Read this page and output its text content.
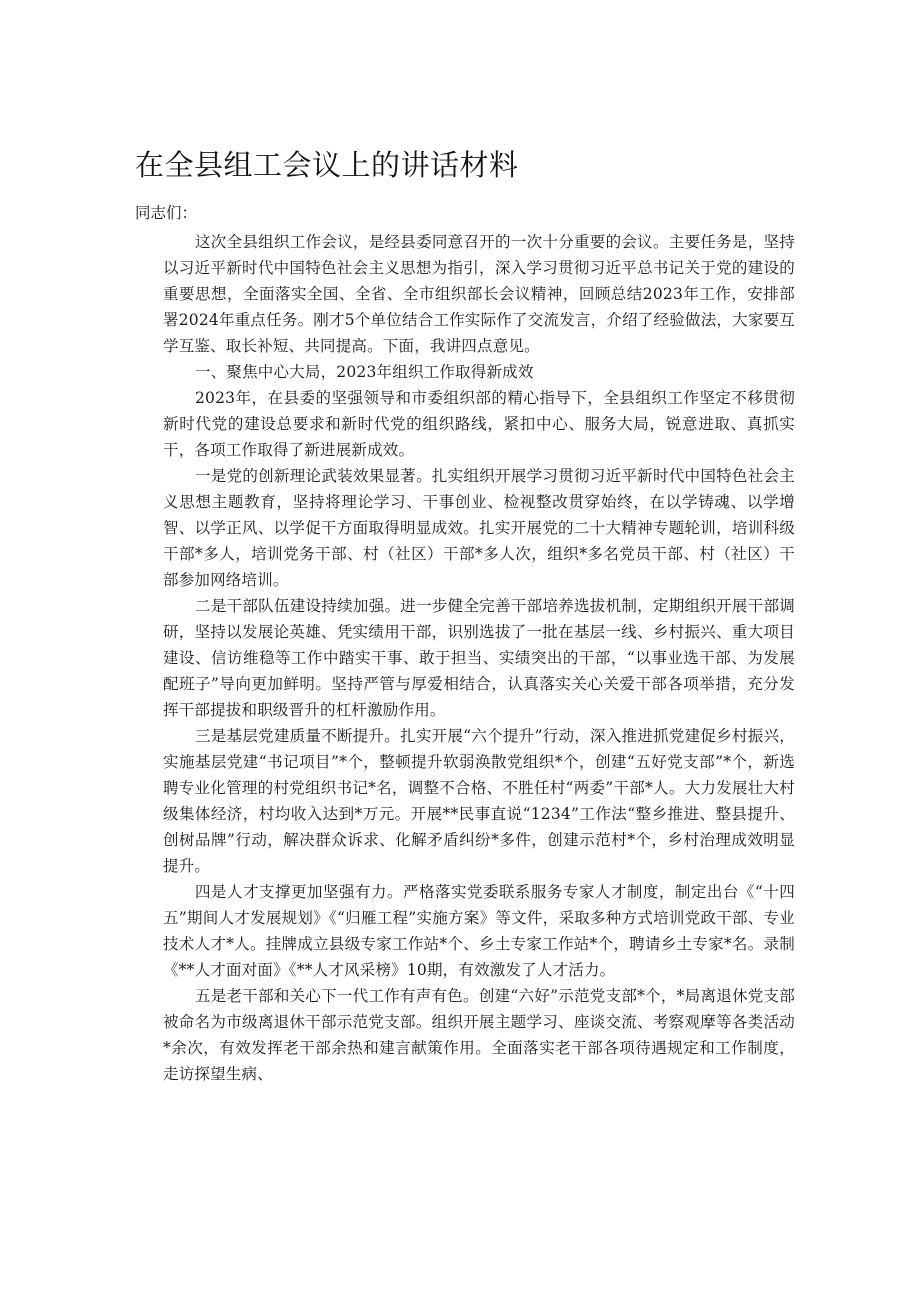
在全县组工会议上的讲话材料

同志们：

这次全县组织工作会议，是经县委同意召开的一次十分重要的会议。主要任务是，坚持以习近平新时代中国特色社会主义思想为指引，深入学习贯彻习近平总书记关于党的建设的重要思想，全面落实全国、全省、全市组织部长会议精神，回顾总结2023年工作，安排部署2024年重点任务。刚才5个单位结合工作实际作了交流发言，介绍了经验做法，大家要互学互鉴、取长补短、共同提高。下面，我讲四点意见。

一、聚焦中心大局，2023年组织工作取得新成效

2023年，在县委的坚强领导和市委组织部的精心指导下，全县组织工作坚定不移贯彻新时代党的建设总要求和新时代党的组织路线，紧扣中心、服务大局，锐意进取、真抓实干，各项工作取得了新进展新成效。

一是党的创新理论武装效果显著。扎实组织开展学习贯彻习近平新时代中国特色社会主义思想主题教育，坚持将理论学习、干事创业、检视整改贯穿始终，在以学铸魂、以学增智、以学正风、以学促干方面取得明显成效。扎实开展党的二十大精神专题轮训，培训科级干部*多人，培训党务干部、村（社区）干部*多人次，组织*多名党员干部、村（社区）干部参加网络培训。

二是干部队伍建设持续加强。进一步健全完善干部培养选拔机制，定期组织开展干部调研，坚持以发展论英雄、凭实绩用干部，识别选拔了一批在基层一线、乡村振兴、重大项目建设、信访维稳等工作中踏实干事、敢于担当、实绩突出的干部，“以事业选干部、为发展配班子”导向更加鲜明。坚持严管与厚爱相结合，认真落实关心关爱干部各项举措，充分发挥干部提拔和职级晋升的杠杆激励作用。

三是基层党建质量不断提升。扎实开展“六个提升”行动，深入推进抓党建促乡村振兴，实施基层党建“书记项目”*个，整顿提升软弱涣散党组织*个，创建“五好党支部”*个，新选聘专业化管理的村党组织书记*名，调整不合格、不胜任村“两委”干部*人。大力发展壮大村级集体经济，村均收入达到*万元。开展**民事直说“1234”工作法“整乡推进、整县提升、创树品牌”行动，解决群众诉求、化解矛盾纠纷*多件，创建示范村*个，乡村治理成效明显提升。

四是人才支撑更加坚强有力。严格落实党委联系服务专家人才制度，制定出台《“十四五”期间人才发展规划》《“归雁工程”实施方案》等文件，采取多种方式培训党政干部、专业技术人才*人。挂牌成立县级专家工作站*个、乡土专家工作站*个，聘请乡土专家*名。录制《**人才面对面》《**人才风采榜》10期，有效激发了人才活力。

五是老干部和关心下一代工作有声有色。创建“六好”示范党支部*个，*局离退休党支部被命名为市级离退休干部示范党支部。组织开展主题学习、座谈交流、考察观摩等各类活动*余次，有效发挥老干部余热和建言献策作用。全面落实老干部各项待遇规定和工作制度，走访探望生病、
